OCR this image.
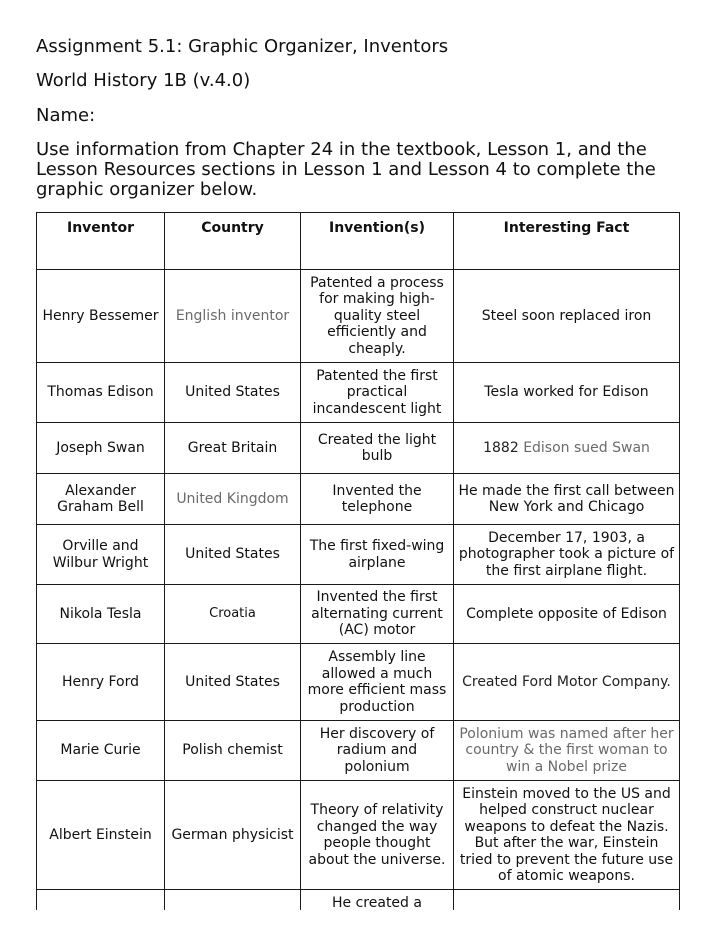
Assignment 5.1: Graphic Organizer, Inventors

World History 1B (v.4.0)

Name:

Use information from Chapter 24 in the textbook, Lesson 1, and the Lesson Resources sections in Lesson 1 and Lesson 4 to complete the graphic organizer below.

Inventor	Country	Invention(s)	Interesting Fact
Henry Bessemer	English inventor	Patented a process for making high-quality steel efficiently and cheaply.	Steel soon replaced iron
Thomas Edison	United States	Patented the first practical incandescent light	Tesla worked for Edison
Joseph Swan	Great Britain	Created the light bulb	1882 Edison sued Swan
Alexander Graham Bell	United Kingdom	Invented the telephone	He made the first call between New York and Chicago
Orville and Wilbur Wright	United States	The first fixed-wing airplane	December 17, 1903, a photographer took a picture of the first airplane flight.
Nikola Tesla	Croatia	Invented the first alternating current (AC) motor	Complete opposite of Edison
Henry Ford	United States	Assembly line allowed a much more efficient mass production	Created Ford Motor Company.
Marie Curie	Polish chemist	Her discovery of radium and polonium	Polonium was named after her country & the first woman to win a Nobel prize
Albert Einstein	German physicist	Theory of relativity changed the way people thought about the universe.	Einstein moved to the US and helped construct nuclear weapons to defeat the Nazis. But after the war, Einstein tried to prevent the future use of atomic weapons.
		He created a	
